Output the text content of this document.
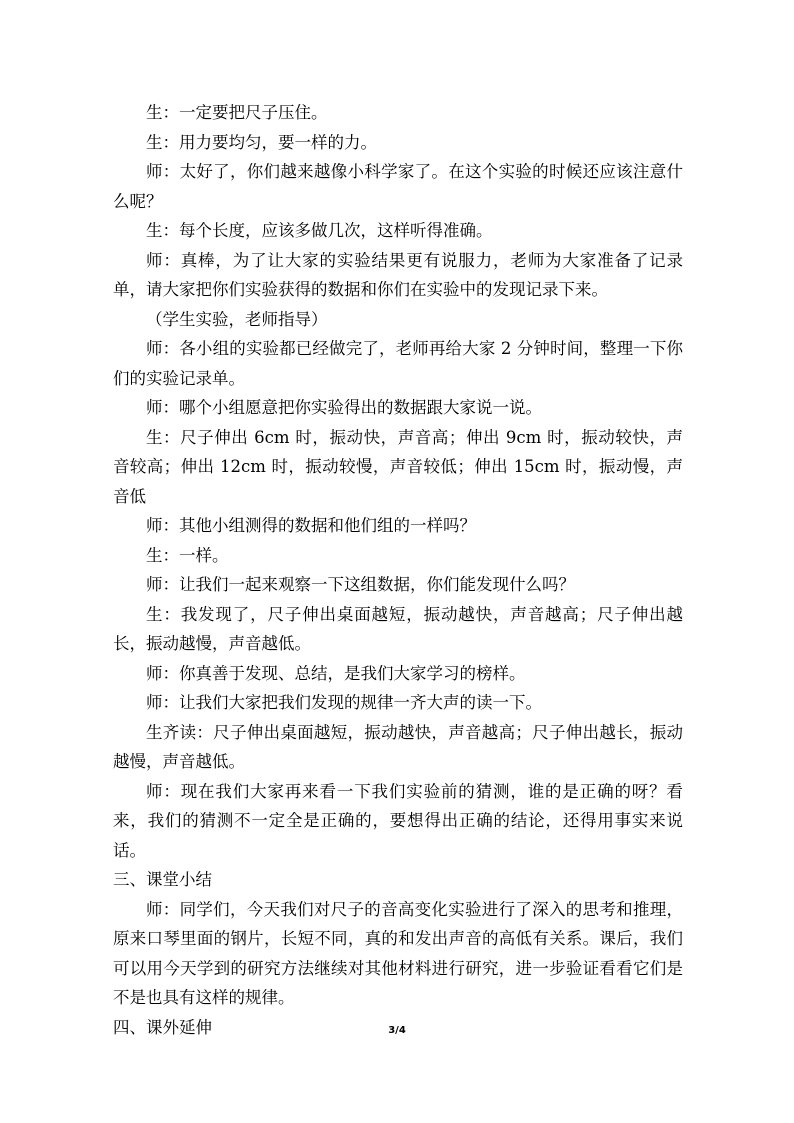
生：一定要把尺子压住。

生：用力要均匀，要一样的力。

师：太好了，你们越来越像小科学家了。在这个实验的时候还应该注意什么呢？

生：每个长度，应该多做几次，这样听得准确。

师：真棒，为了让大家的实验结果更有说服力，老师为大家准备了记录单，请大家把你们实验获得的数据和你们在实验中的发现记录下来。

（学生实验，老师指导）

师：各小组的实验都已经做完了，老师再给大家 2 分钟时间，整理一下你们的实验记录单。

师：哪个小组愿意把你实验得出的数据跟大家说一说。

生：尺子伸出 6cm 时，振动快，声音高；伸出 9cm 时，振动较快，声音较高；伸出 12cm 时，振动较慢，声音较低；伸出 15cm 时，振动慢，声音低

师：其他小组测得的数据和他们组的一样吗？

生：一样。

师：让我们一起来观察一下这组数据，你们能发现什么吗？

生：我发现了，尺子伸出桌面越短，振动越快，声音越高；尺子伸出越长，振动越慢，声音越低。

师：你真善于发现、总结，是我们大家学习的榜样。

师：让我们大家把我们发现的规律一齐大声的读一下。

生齐读：尺子伸出桌面越短，振动越快，声音越高；尺子伸出越长，振动越慢，声音越低。

师：现在我们大家再来看一下我们实验前的猜测，谁的是正确的呀？看来，我们的猜测不一定全是正确的，要想得出正确的结论，还得用事实来说话。

三、课堂小结

师：同学们，今天我们对尺子的音高变化实验进行了深入的思考和推理，原来口琴里面的钢片，长短不同，真的和发出声音的高低有关系。课后，我们可以用今天学到的研究方法继续对其他材料进行研究，进一步验证看看它们是不是也具有这样的规律。

四、课外延伸	3/4
